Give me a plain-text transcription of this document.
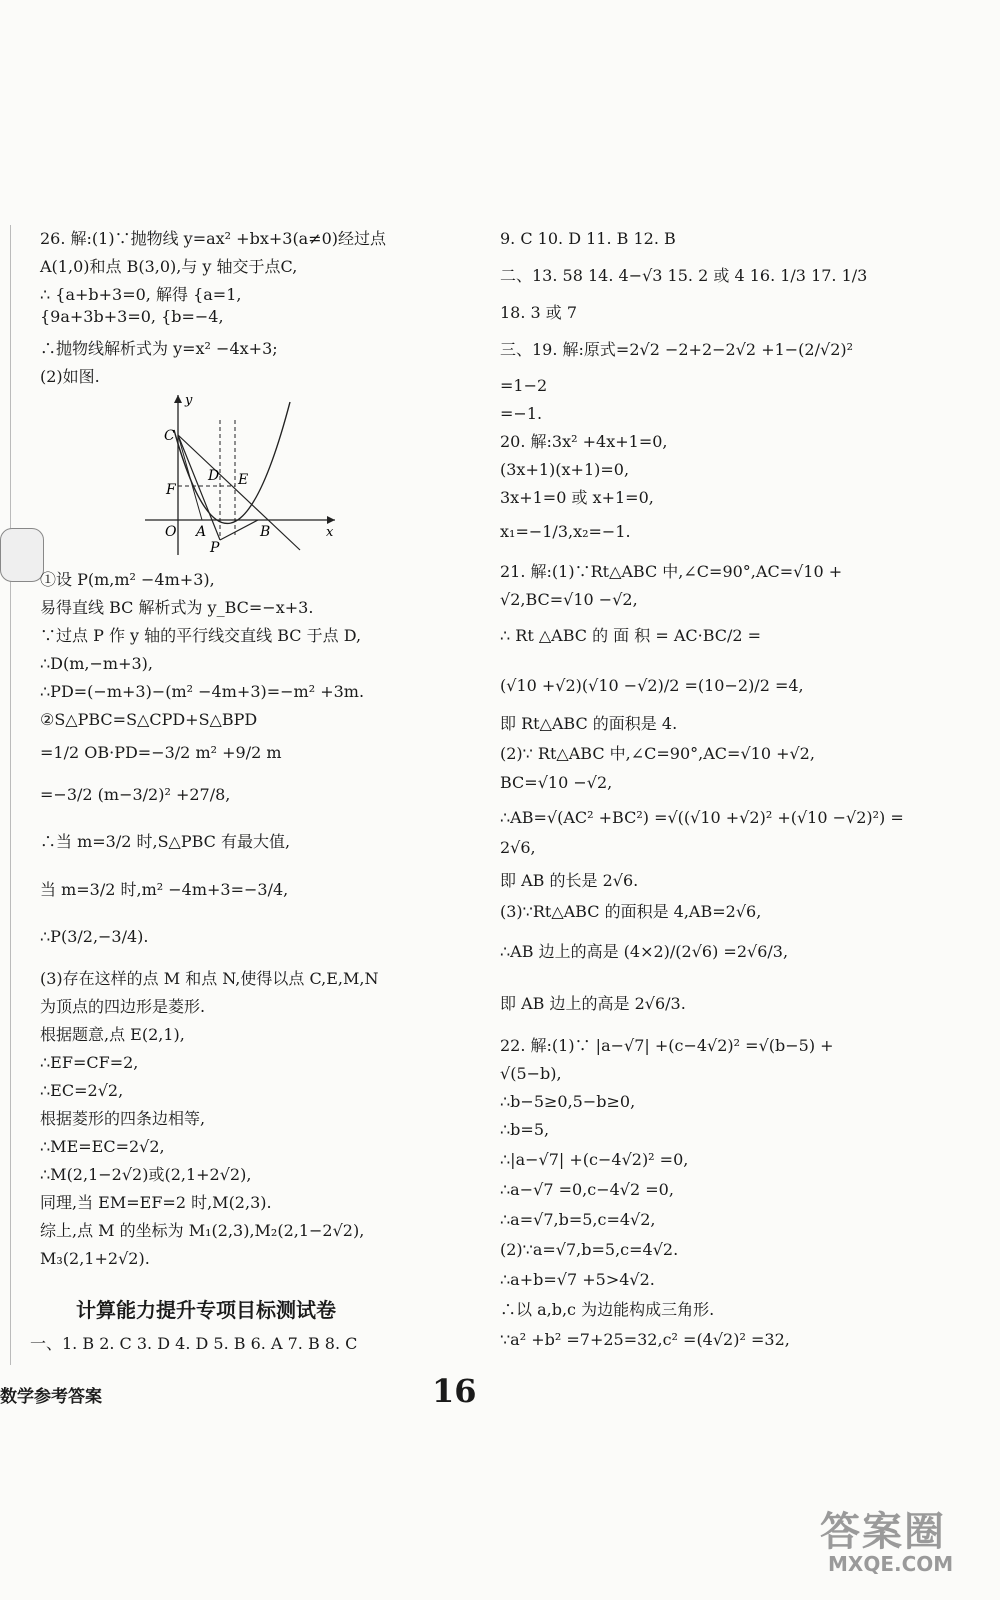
26. 解:(1)∵抛物线 y=ax² +bx+3(a≠0)经过点
A(1,0)和点 B(3,0),与 y 轴交于点C,
∴ {a+b+3=0, 解得 {a=1,
{9a+3b+3=0, {b=−4,
∴抛物线解析式为 y=x² −4x+3;
(2)如图.
y
x
C
D E
F
O A	B
P
①设 P(m,m² −4m+3),
易得直线 BC 解析式为 y_BC=−x+3.
∵过点 P 作 y 轴的平行线交直线 BC 于点 D,
∴D(m,−m+3),
∴PD=(−m+3)−(m² −4m+3)=−m² +3m.
②S△PBC=S△CPD+S△BPD
=1/2 OB·PD=−3/2 m² +9/2 m
=−3/2 (m−3/2)² +27/8,
∴当 m=3/2 时,S△PBC 有最大值,
当 m=3/2 时,m² −4m+3=−3/4,
∴P(3/2,−3/4).
(3)存在这样的点 M 和点 N,使得以点 C,E,M,N
为顶点的四边形是菱形.
根据题意,点 E(2,1),
∴EF=CF=2,
∴EC=2√2,
根据菱形的四条边相等,
∴ME=EC=2√2,
∴M(2,1−2√2)或(2,1+2√2),
同理,当 EM=EF=2 时,M(2,3).
综上,点 M 的坐标为 M₁(2,3),M₂(2,1−2√2),
M₃(2,1+2√2).
计算能力提升专项目标测试卷
一、1. B 2. C 3. D 4. D 5. B 6. A 7. B 8. C
9. C 10. D 11. B 12. B
二、13. 58 14. 4−√3 15. 2 或 4 16. 1/3 17. 1/3
18. 3 或 7
三、19. 解:原式=2√2 −2+2−2√2 +1−(2/√2)²
=1−2
=−1.
20. 解:3x² +4x+1=0,
(3x+1)(x+1)=0,
3x+1=0 或 x+1=0,
x₁=−1/3,x₂=−1.
21. 解:(1)∵Rt△ABC 中,∠C=90°,AC=√10 +
√2,BC=√10 −√2,
∴ Rt △ABC 的 面 积 = AC·BC/2 =
(√10 +√2)(√10 −√2)/2 =(10−2)/2 =4,
即 Rt△ABC 的面积是 4.
(2)∵ Rt△ABC 中,∠C=90°,AC=√10 +√2,
BC=√10 −√2,
∴AB=√(AC² +BC²) =√((√10 +√2)² +(√10 −√2)²) =
2√6,
即 AB 的长是 2√6.
(3)∵Rt△ABC 的面积是 4,AB=2√6,
∴AB 边上的高是 (4×2)/(2√6) =2√6/3,
即 AB 边上的高是 2√6/3.
22. 解:(1)∵ |a−√7| +(c−4√2)² =√(b−5) +
√(5−b),
∴b−5≥0,5−b≥0,
∴b=5,
∴|a−√7| +(c−4√2)² =0,
∴a−√7 =0,c−4√2 =0,
∴a=√7,b=5,c=4√2,
(2)∵a=√7,b=5,c=4√2.
∴a+b=√7 +5>4√2.
∴以 a,b,c 为边能构成三角形.
∵a² +b² =7+25=32,c² =(4√2)² =32,
数学参考答案	16
答案圈
MXQE.COM
